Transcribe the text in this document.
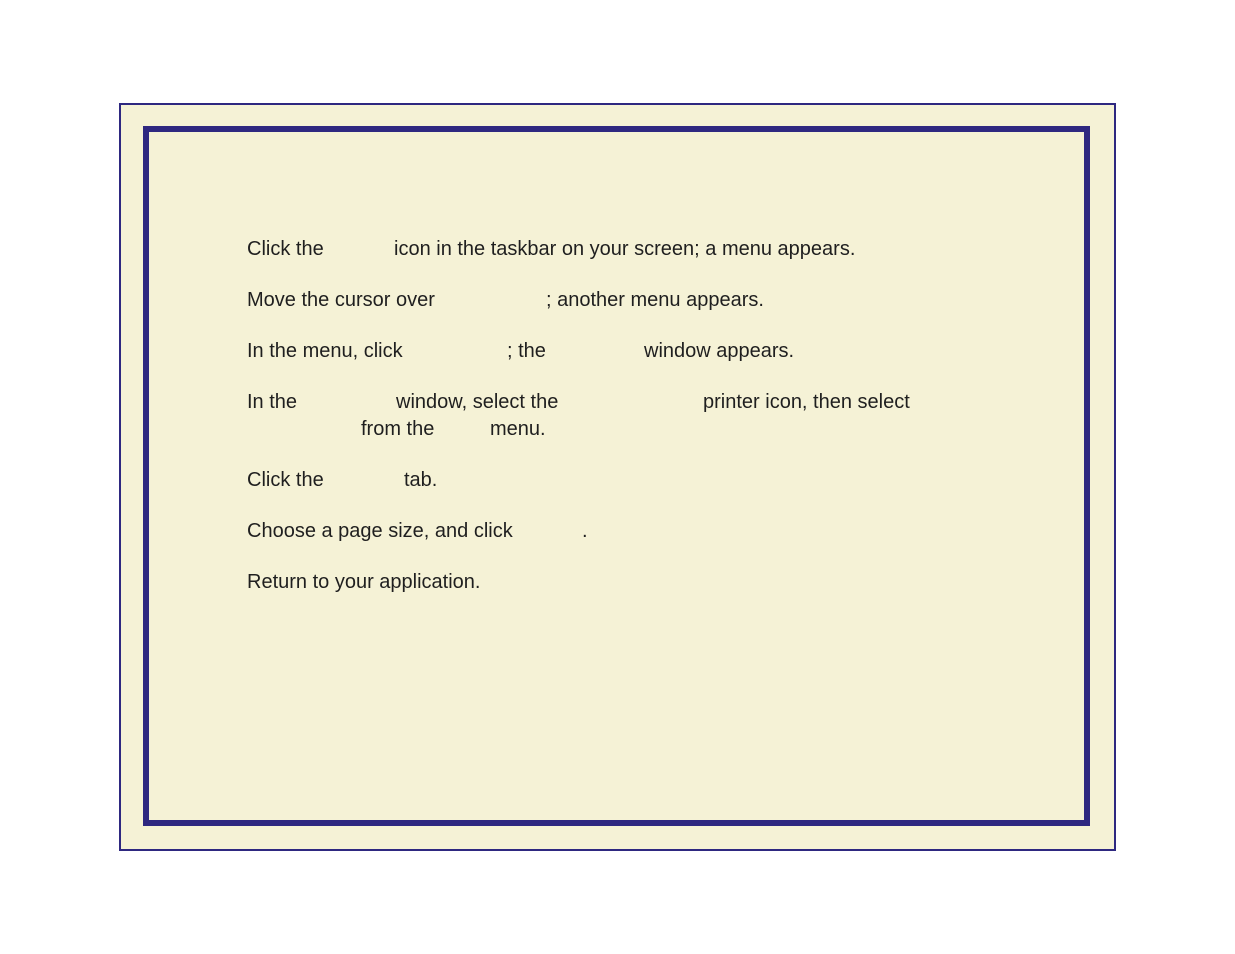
Click the	icon in the taskbar on your screen; a menu appears.
Move the cursor over	; another menu appears.
In the menu, click	; the	window appears.
In the	window, select the	printer icon, then select
from the	menu.
Click the	tab.
Choose a page size, and click	.
Return to your application.
